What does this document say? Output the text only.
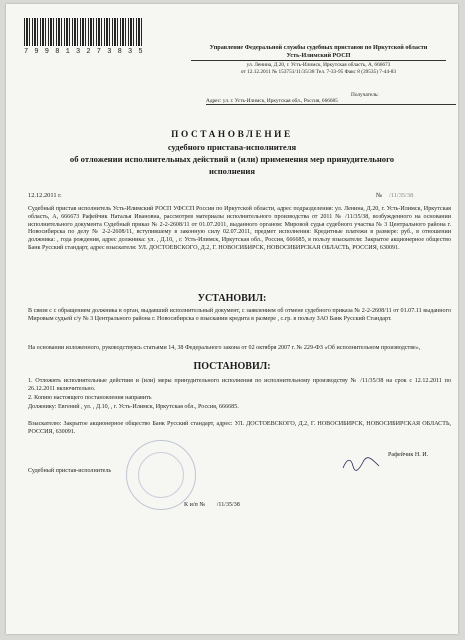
7 9 9 8 1 3 2 7 3 8 3 5
Управление Федеральной службы судебных приставов по Иркутской области
Усть-Илимский РОСП
ул. Ленина, Д.20, г. Усть-Илимск, Иркутская область, А, 666673
от 12.12.2011 № 153751/11/35/38 Тел. 7-33-95 Факс 8 (39535) 7-44-83
Получатель:
Адрес: ул. г. Усть-Илимск, Иркутская обл., Россия, 666685
ПОСТАНОВЛЕНИЕ
судебного пристава-исполнителя
об отложении исполнительных действий и (или) применения мер принудительного
исполнения
12.12.2011 г.	№ /11/35/38
Судебный пристав исполнитель Усть-Илимский РОСП УФССП России по Иркутской области, адрес подразделения: ул. Ленина, Д.20, г. Усть-Илимск, Иркутская область, А, 666673 Рафейчик Наталья Ивановна, рассмотрев материалы исполнительного производства от 2011 № /11/35/38, возбужденного на основании исполнительного документа Судебный приказ № 2-2-2608/11 от 01.07.2011, выданного органом: Мировой судья судебного участка № 3 Центрального района г. Новосибирска по делу № 2-2-2608/11, вступившему в законную силу 02.07.2011, предмет исполнения: Кредитные платежи в размере: руб., в отношении должника: , года рождения, адрес должника: ул. , Д.10, , г. Усть-Илимск, Иркутская обл., Россия, 666685, в пользу взыскателя: Закрытое акционерное общество Банк Русский стандарт, адрес взыскателя: УЛ. ДОСТОЕВСКОГО, Д.2, Г. НОВОСИБИРСК, НОВОСИБИРСКАЯ ОБЛАСТЬ, РОССИЯ, 630091.
УСТАНОВИЛ:
В связи с с обращением должника в орган, выдавший исполнительный документ, с заявлением об отмене судебного приказа № 2-2-2608/11 от 01.07.11 выданного Мировым судьей с/у № 3 Центрального района г. Новосибирска о взыскании кредита в размере , с.гр. в пользу ЗАО Банк Русский Стандарт.
На основании изложенного, руководствуясь статьями 14, 38 Федерального закона от 02 октября 2007 г. № 229-ФЗ «Об исполнительном производстве»,
ПОСТАНОВИЛ:
1. Отложить исполнительные действия и (или) меры принудительного исполнения по исполнительному производству № /11/35/38 на срок с 12.12.2011 по 26.12.2011 включительно.
2. Копию настоящего постановления направить
Должнику: Евгений , ул. , Д.10, , г. Усть-Илимск, Иркутская обл., Россия, 666685.
Взыскателю: Закрытое акционерное общество Банк Русский стандарт, адрес: УЛ. ДОСТОЕВСКОГО, Д.2, Г. НОВОСИБИРСК, НОВОСИБИРСКАЯ ОБЛАСТЬ, РОССИЯ, 630091.
Рафейчик Н. И.
Судебный пристав-исполнитель
К и/п № /11/35/38
